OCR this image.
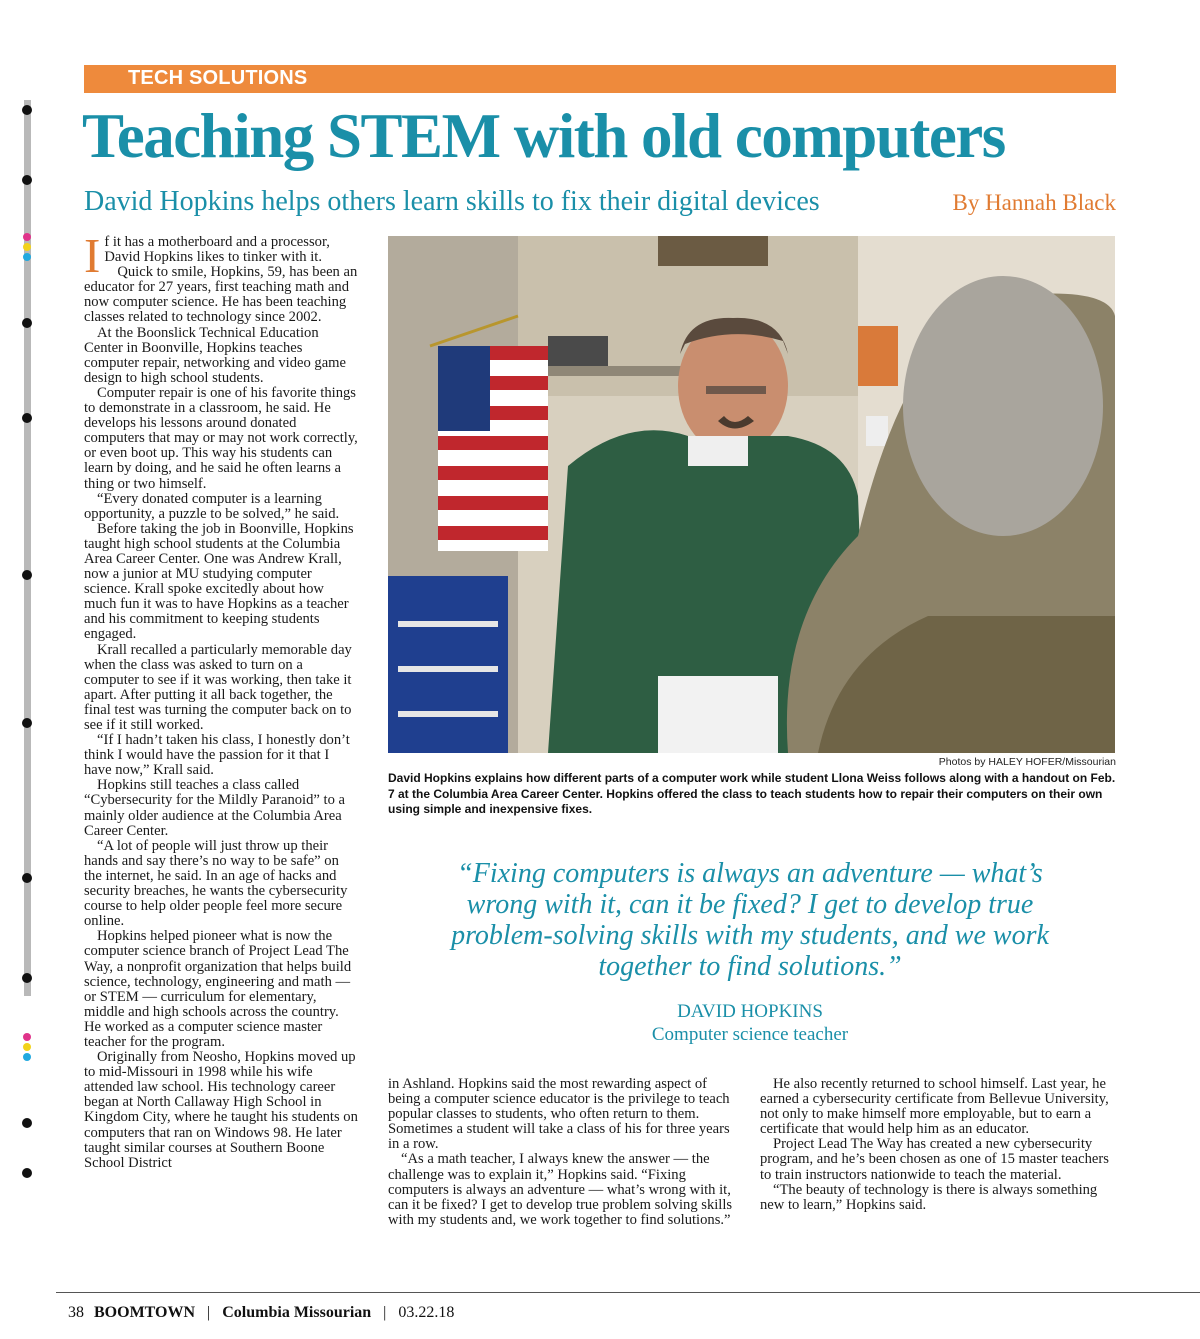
TECH SOLUTIONS
Teaching STEM with old computers
David Hopkins helps others learn skills to fix their digital devices	By Hannah Black

If it has a motherboard and a processor, David Hopkins likes to tinker with it.

Quick to smile, Hopkins, 59, has been an educator for 27 years, first teaching math and now computer science. He has been teaching classes related to technology since 2002.

At the Boonslick Technical Education Center in Boonville, Hopkins teaches computer repair, networking and video game design to high school students.

Computer repair is one of his favorite things to demonstrate in a classroom, he said. He develops his lessons around donated computers that may or may not work correctly, or even boot up. This way his students can learn by doing, and he said he often learns a thing or two himself.

“Every donated computer is a learning opportunity, a puzzle to be solved,” he said.

Before taking the job in Boonville, Hopkins taught high school students at the Columbia Area Career Center. One was Andrew Krall, now a junior at MU studying computer science. Krall spoke excitedly about how much fun it was to have Hopkins as a teacher and his commitment to keeping students engaged.

Krall recalled a particularly memorable day when the class was asked to turn on a computer to see if it was working, then take it apart. After putting it all back together, the final test was turning the computer back on to see if it still worked.

“If I hadn’t taken his class, I honestly don’t think I would have the passion for it that I have now,” Krall said.

Hopkins still teaches a class called “Cybersecurity for the Mildly Paranoid” to a mainly older audience at the Columbia Area Career Center.

“A lot of people will just throw up their hands and say there’s no way to be safe” on the internet, he said. In an age of hacks and security breaches, he wants the cybersecurity course to help older people feel more secure online.

Hopkins helped pioneer what is now the computer science branch of Project Lead The Way, a nonprofit organization that helps build science, technology, engineering and math — or STEM — curriculum for elementary, middle and high schools across the country. He worked as a computer science master teacher for the program.

Originally from Neosho, Hopkins moved up to mid-Missouri in 1998 while his wife attended law school. His technology career began at North Callaway High School in Kingdom City, where he taught his students on computers that ran on Windows 98. He later taught similar courses at Southern Boone School District

Photos by HALEY HOFER/Missourian
David Hopkins explains how different parts of a computer work while student Llona Weiss follows along with a handout on Feb. 7 at the Columbia Area Career Center. Hopkins offered the class to teach students how to repair their computers on their own using simple and inexpensive fixes.
“Fixing computers is always an adventure — what’s wrong with it, can it be fixed? I get to develop true problem-solving skills with my students, and we work together to find solutions.”
DAVID HOPKINS
Computer science teacher

in Ashland. Hopkins said the most rewarding aspect of being a computer science educator is the privilege to teach popular classes to students, who often return to them. Sometimes a student will take a class of his for three years in a row.

“As a math teacher, I always knew the answer — the challenge was to explain it,” Hopkins said. “Fixing computers is always an adventure — what’s wrong with it, can it be fixed? I get to develop true problem solving skills with my students and, we work together to find solutions.”

He also recently returned to school himself. Last year, he earned a cybersecurity certificate from Bellevue University, not only to make himself more employable, but to earn a certificate that would help him as an educator.

Project Lead The Way has created a new cybersecurity program, and he’s been chosen as one of 15 master teachers to train instructors nationwide to teach the material.

“The beauty of technology is there is always something new to learn,” Hopkins said.

38 BOOMTOWN | Columbia Missourian | 03.22.18
